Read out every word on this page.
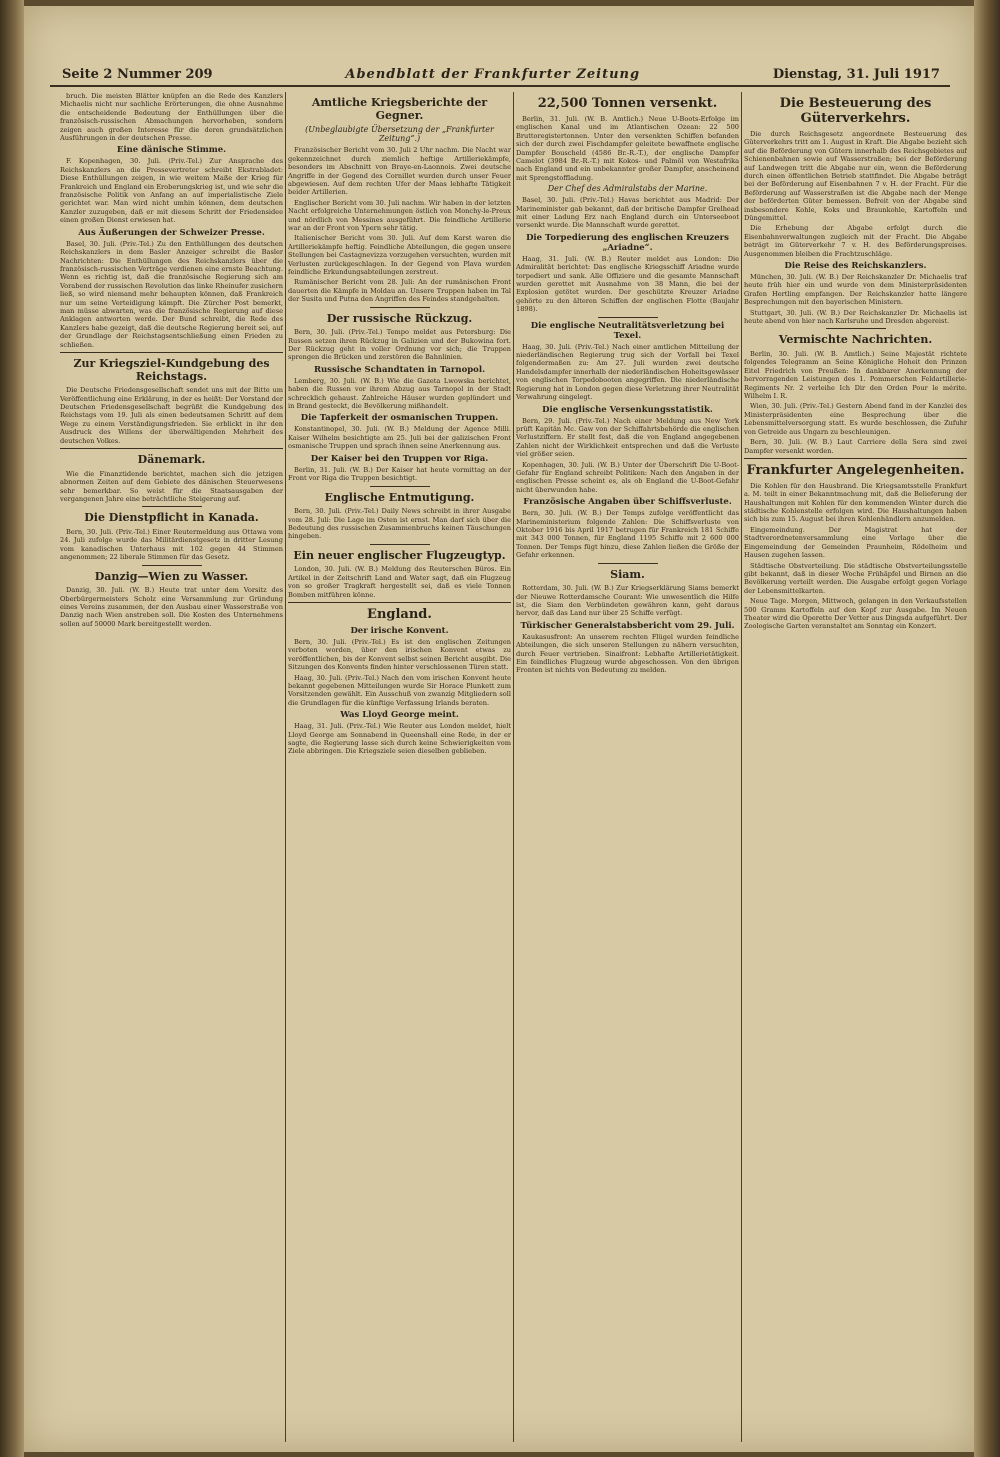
Seite 2 Nummer 209	Abendblatt der Frankfurter Zeitung	Dienstag, 31. Juli 1917

bruch. Die meisten Blätter knüpfen an die Rede des Kanzlers Michaelis nicht nur sachliche Erörterungen, die ohne Ausnahme die entscheidende Bedeutung der Enthüllungen über die französisch-russischen Abmachungen hervorheben, sondern zeigen auch großen Interesse für die deren grundsätzlichen Ausführungen in der deutschen Presse.

Eine dänische Stimme.

F. Kopenhagen, 30. Juli. (Priv.-Tel.) Zur Ansprache des Reichskanzlers an die Pressevertreter schreibt Ekstrabladet: Diese Enthüllungen zeigen, in wie weitem Maße der Krieg für Frankreich und England ein Eroberungskrieg ist, und wie sehr die französische Politik von Anfang an auf imperialistische Ziele gerichtet war. Man wird nicht umhin können, dem deutschen Kanzler zuzugeben, daß er mit diesem Schritt der Friedensidee einen großen Dienst erwiesen hat.

Aus Äußerungen der Schweizer Presse.

Basel, 30. Juli. (Priv.-Tel.) Zu den Enthüllungen des deutschen Reichskanzlers in dem Basler Anzeiger schreibt die Basler Nachrichten: Die Enthüllungen des Reichskanzlers über die französisch-russischen Verträge verdienen eine ernste Beachtung. Wenn es richtig ist, daß die französische Regierung sich am Vorabend der russischen Revolution das linke Rheinufer zusichern ließ, so wird niemand mehr behaupten können, daß Frankreich nur um seine Verteidigung kämpft. Die Zürcher Post bemerkt, man müsse abwarten, was die französische Regierung auf diese Anklagen antworten werde. Der Bund schreibt, die Rede des Kanzlers habe gezeigt, daß die deutsche Regierung bereit sei, auf der Grundlage der Reichstagsentschließung einen Frieden zu schließen.

Zur Kriegsziel-Kundgebung des Reichstags.

Die Deutsche Friedensgesellschaft sendet uns mit der Bitte um Veröffentlichung eine Erklärung, in der es heißt: Der Vorstand der Deutschen Friedensgesellschaft begrüßt die Kundgebung des Reichstags vom 19. Juli als einen bedeutsamen Schritt auf dem Wege zu einem Verständigungsfrieden. Sie erblickt in ihr den Ausdruck des Willens der überwältigenden Mehrheit des deutschen Volkes.

Dänemark.

Wie die Finanztidende berichtet, machen sich die jetzigen abnormen Zeiten auf dem Gebiete des dänischen Steuerwesens sehr bemerkbar. So weist für die Staatsausgaben der vergangenen Jahre eine beträchtliche Steigerung auf.

Die Dienstpflicht in Kanada.

Bern, 30. Juli. (Priv.-Tel.) Einer Reutermeldung aus Ottawa vom 24. Juli zufolge wurde das Militärdienstgesetz in dritter Lesung vom kanadischen Unterhaus mit 102 gegen 44 Stimmen angenommen; 22 liberale Stimmen für das Gesetz.

Danzig—Wien zu Wasser.

Danzig, 30. Juli. (W. B.) Heute trat unter dem Vorsitz des Oberbürgermeisters Scholz eine Versammlung zur Gründung eines Vereins zusammen, der den Ausbau einer Wasserstraße von Danzig nach Wien anstreben soll. Die Kosten des Unternehmens sollen auf 50000 Mark bereitgestellt werden.

Amtliche Kriegsberichte der Gegner.
(Unbeglaubigte Übersetzung der „Frankfurter Zeitung“.)

Französischer Bericht vom 30. Juli 2 Uhr nachm. Die Nacht war gekennzeichnet durch ziemlich heftige Artilleriekämpfe, besonders im Abschnitt von Braye-en-Laonnois. Zwei deutsche Angriffe in der Gegend des Cornillet wurden durch unser Feuer abgewiesen. Auf dem rechten Ufer der Maas lebhafte Tätigkeit beider Artillerien.

Englischer Bericht vom 30. Juli nachm. Wir haben in der letzten Nacht erfolgreiche Unternehmungen östlich von Monchy-le-Preux und nördlich von Messines ausgeführt. Die feindliche Artillerie war an der Front von Ypern sehr tätig.

Italienischer Bericht vom 30. Juli. Auf dem Karst waren die Artilleriekämpfe heftig. Feindliche Abteilungen, die gegen unsere Stellungen bei Castagnevizza vorzugehen versuchten, wurden mit Verlusten zurückgeschlagen. In der Gegend von Plava wurden feindliche Erkundungsabteilungen zerstreut.

Rumänischer Bericht vom 28. Juli: An der rumänischen Front dauerten die Kämpfe in Moldau an. Unsere Truppen haben im Tal der Susita und Putna den Angriffen des Feindes standgehalten.

Der russische Rückzug.

Bern, 30. Juli. (Priv.-Tel.) Tempo meldet aus Petersburg: Die Russen setzen ihren Rückzug in Galizien und der Bukowina fort. Der Rückzug geht in voller Ordnung vor sich; die Truppen sprengen die Brücken und zerstören die Bahnlinien.

Russische Schandtaten in Tarnopol.

Lemberg, 30. Juli. (W. B.) Wie die Gazeta Lwowska berichtet, haben die Russen vor ihrem Abzug aus Tarnopol in der Stadt schrecklich gehaust. Zahlreiche Häuser wurden geplündert und in Brand gesteckt, die Bevölkerung mißhandelt.

Die Tapferkeit der osmanischen Truppen.

Konstantinopel, 30. Juli. (W. B.) Meldung der Agence Milli. Kaiser Wilhelm besichtigte am 25. Juli bei der galizischen Front osmanische Truppen und sprach ihnen seine Anerkennung aus.

Der Kaiser bei den Truppen vor Riga.

Berlin, 31. Juli. (W. B.) Der Kaiser hat heute vormittag an der Front vor Riga die Truppen besichtigt.

Englische Entmutigung.

Bern, 30. Juli. (Priv.-Tel.) Daily News schreibt in ihrer Ausgabe vom 28. Juli: Die Lage im Osten ist ernst. Man darf sich über die Bedeutung des russischen Zusammenbruchs keinen Täuschungen hingeben.

Ein neuer englischer Flugzeugtyp.

London, 30. Juli. (W. B.) Meldung des Reuterschen Büros. Ein Artikel in der Zeitschrift Land and Water sagt, daß ein Flugzeug von so großer Tragkraft hergestellt sei, daß es viele Tonnen Bomben mitführen könne.

England.
Der irische Konvent.

Bern, 30. Juli. (Priv.-Tel.) Es ist den englischen Zeitungen verboten worden, über den irischen Konvent etwas zu veröffentlichen, bis der Konvent selbst seinen Bericht ausgibt. Die Sitzungen des Konvents finden hinter verschlossenen Türen statt.

Haag, 30. Juli. (Priv.-Tel.) Nach den vom irischen Konvent heute bekannt gegebenen Mitteilungen wurde Sir Horace Plunkett zum Vorsitzenden gewählt. Ein Ausschuß von zwanzig Mitgliedern soll die Grundlagen für die künftige Verfassung Irlands beraten.

Was Lloyd George meint.

Haag, 31. Juli. (Priv.-Tel.) Wie Reuter aus London meldet, hielt Lloyd George am Sonnabend in Queenshall eine Rede, in der er sagte, die Regierung lasse sich durch keine Schwierigkeiten vom Ziele abbringen. Die Kriegsziele seien dieselben geblieben.

22,500 Tonnen versenkt.

Berlin, 31. Juli. (W. B. Amtlich.) Neue U-Boots-Erfolge im englischen Kanal und im Atlantischen Ozean: 22 500 Bruttoregistertonnen. Unter den versenkten Schiffen befanden sich der durch zwei Fischdampfer geleitete bewaffnete englische Dampfer Bouscheld (4586 Br.-R.-T.), der englische Dampfer Camelot (3984 Br.-R.-T.) mit Kokos- und Palmöl von Westafrika nach England und ein unbekannter großer Dampfer, anscheinend mit Sprengstoffladung.

Der Chef des Admiralstabs der Marine.

Basel, 30. Juli. (Priv.-Tel.) Havas berichtet aus Madrid: Der Marineminister gab bekannt, daß der britische Dampfer Grelhead mit einer Ladung Erz nach England durch ein Unterseeboot versenkt wurde. Die Mannschaft wurde gerettet.

Die Torpedierung des englischen Kreuzers „Ariadne“.

Haag, 31. Juli. (W. B.) Reuter meldet aus London: Die Admiralität berichtet: Das englische Kriegsschiff Ariadne wurde torpediert und sank. Alle Offiziere und die gesamte Mannschaft wurden gerettet mit Ausnahme von 38 Mann, die bei der Explosion getötet wurden. Der geschützte Kreuzer Ariadne gehörte zu den älteren Schiffen der englischen Flotte (Baujahr 1898).

Die englische Neutralitätsverletzung bei Texel.

Haag, 30. Juli. (Priv.-Tel.) Nach einer amtlichen Mitteilung der niederländischen Regierung trug sich der Vorfall bei Texel folgendermaßen zu: Am 27. Juli wurden zwei deutsche Handelsdampfer innerhalb der niederländischen Hoheitsgewässer von englischen Torpedobooten angegriffen. Die niederländische Regierung hat in London gegen diese Verletzung ihrer Neutralität Verwahrung eingelegt.

Die englische Versenkungsstatistik.

Bern, 29. Juli. (Priv.-Tel.) Nach einer Meldung aus New York prüft Kapitän Mc. Gaw von der Schiffahrtsbehörde die englischen Verlustziffern. Er stellt fest, daß die von England angegebenen Zahlen nicht der Wirklichkeit entsprechen und daß die Verluste viel größer seien.

Kopenhagen, 30. Juli. (W. B.) Unter der Überschrift Die U-Boot-Gefahr für England schreibt Politiken: Nach den Angaben in der englischen Presse scheint es, als ob England die U-Boot-Gefahr nicht überwunden habe.

Französische Angaben über Schiffsverluste.

Bern, 30. Juli. (W. B.) Der Temps zufolge veröffentlicht das Marineministerium folgende Zahlen: Die Schiffsverluste von Oktober 1916 bis April 1917 betrugen für Frankreich 181 Schiffe mit 343 000 Tonnen, für England 1195 Schiffe mit 2 600 000 Tonnen. Der Temps fügt hinzu, diese Zahlen ließen die Größe der Gefahr erkennen.

Siam.

Rotterdam, 30. Juli. (W. B.) Zur Kriegserklärung Siams bemerkt der Nieuwe Rotterdamsche Courant: Wie unwesentlich die Hilfe ist, die Siam den Verbündeten gewähren kann, geht daraus hervor, daß das Land nur über 25 Schiffe verfügt.

Türkischer Generalstabsbericht vom 29. Juli.

Kaukasusfront: An unserem rechten Flügel wurden feindliche Abteilungen, die sich unseren Stellungen zu nähern versuchten, durch Feuer vertrieben. Sinaifront: Lebhafte Artillerietätigkeit. Ein feindliches Flugzeug wurde abgeschossen. Von den übrigen Fronten ist nichts von Bedeutung zu melden.

Die Besteuerung des Güterverkehrs.

Die durch Reichsgesetz angeordnete Besteuerung des Güterverkehrs tritt am 1. August in Kraft. Die Abgabe bezieht sich auf die Beförderung von Gütern innerhalb des Reichsgebietes auf Schienenbahnen sowie auf Wasserstraßen; bei der Beförderung auf Landwegen tritt die Abgabe nur ein, wenn die Beförderung durch einen öffentlichen Betrieb stattfindet. Die Abgabe beträgt bei der Beförderung auf Eisenbahnen 7 v. H. der Fracht. Für die Beförderung auf Wasserstraßen ist die Abgabe nach der Menge der beförderten Güter bemessen. Befreit von der Abgabe sind insbesondere Kohle, Koks und Braunkohle, Kartoffeln und Düngemittel.

Die Erhebung der Abgabe erfolgt durch die Eisenbahnverwaltungen zugleich mit der Fracht. Die Abgabe beträgt im Güterverkehr 7 v. H. des Beförderungspreises. Ausgenommen bleiben die Frachtzuschläge.

Die Reise des Reichskanzlers.

München, 30. Juli. (W. B.) Der Reichskanzler Dr. Michaelis traf heute früh hier ein und wurde von dem Ministerpräsidenten Grafen Hertling empfangen. Der Reichskanzler hatte längere Besprechungen mit den bayerischen Ministern.

Stuttgart, 30. Juli. (W. B.) Der Reichskanzler Dr. Michaelis ist heute abend von hier nach Karlsruhe und Dresden abgereist.

Vermischte Nachrichten.

Berlin, 30. Juli. (W. B. Amtlich.) Seine Majestät richtete folgendes Telegramm an Seine Königliche Hoheit den Prinzen Eitel Friedrich von Preußen: In dankbarer Anerkennung der hervorragenden Leistungen des 1. Pommerschen Feldartillerie-Regiments Nr. 2 verleihe Ich Dir den Orden Pour le mérite. Wilhelm I. R.

Wien, 30. Juli. (Priv.-Tel.) Gestern Abend fand in der Kanzlei des Ministerpräsidenten eine Besprechung über die Lebensmittelversorgung statt. Es wurde beschlossen, die Zufuhr von Getreide aus Ungarn zu beschleunigen.

Bern, 30. Juli. (W. B.) Laut Carriere della Sera sind zwei Dampfer versenkt worden.

Frankfurter Angelegenheiten.

Die Kohlen für den Hausbrand. Die Kriegsamtsstelle Frankfurt a. M. teilt in einer Bekanntmachung mit, daß die Belieferung der Haushaltungen mit Kohlen für den kommenden Winter durch die städtische Kohlenstelle erfolgen wird. Die Haushaltungen haben sich bis zum 15. August bei ihren Kohlenhändlern anzumelden.

Eingemeindung. Der Magistrat hat der Stadtverordnetenversammlung eine Vorlage über die Eingemeindung der Gemeinden Praunheim, Rödelheim und Hausen zugehen lassen.

Städtische Obstverteilung. Die städtische Obstverteilungsstelle gibt bekannt, daß in dieser Woche Frühäpfel und Birnen an die Bevölkerung verteilt werden. Die Ausgabe erfolgt gegen Vorlage der Lebensmittelkarten.

Neue Tage. Morgen, Mittwoch, gelangen in den Verkaufsstellen 500 Gramm Kartoffeln auf den Kopf zur Ausgabe. Im Neuen Theater wird die Operette Der Vetter aus Dingsda aufgeführt. Der Zoologische Garten veranstaltet am Sonntag ein Konzert.
